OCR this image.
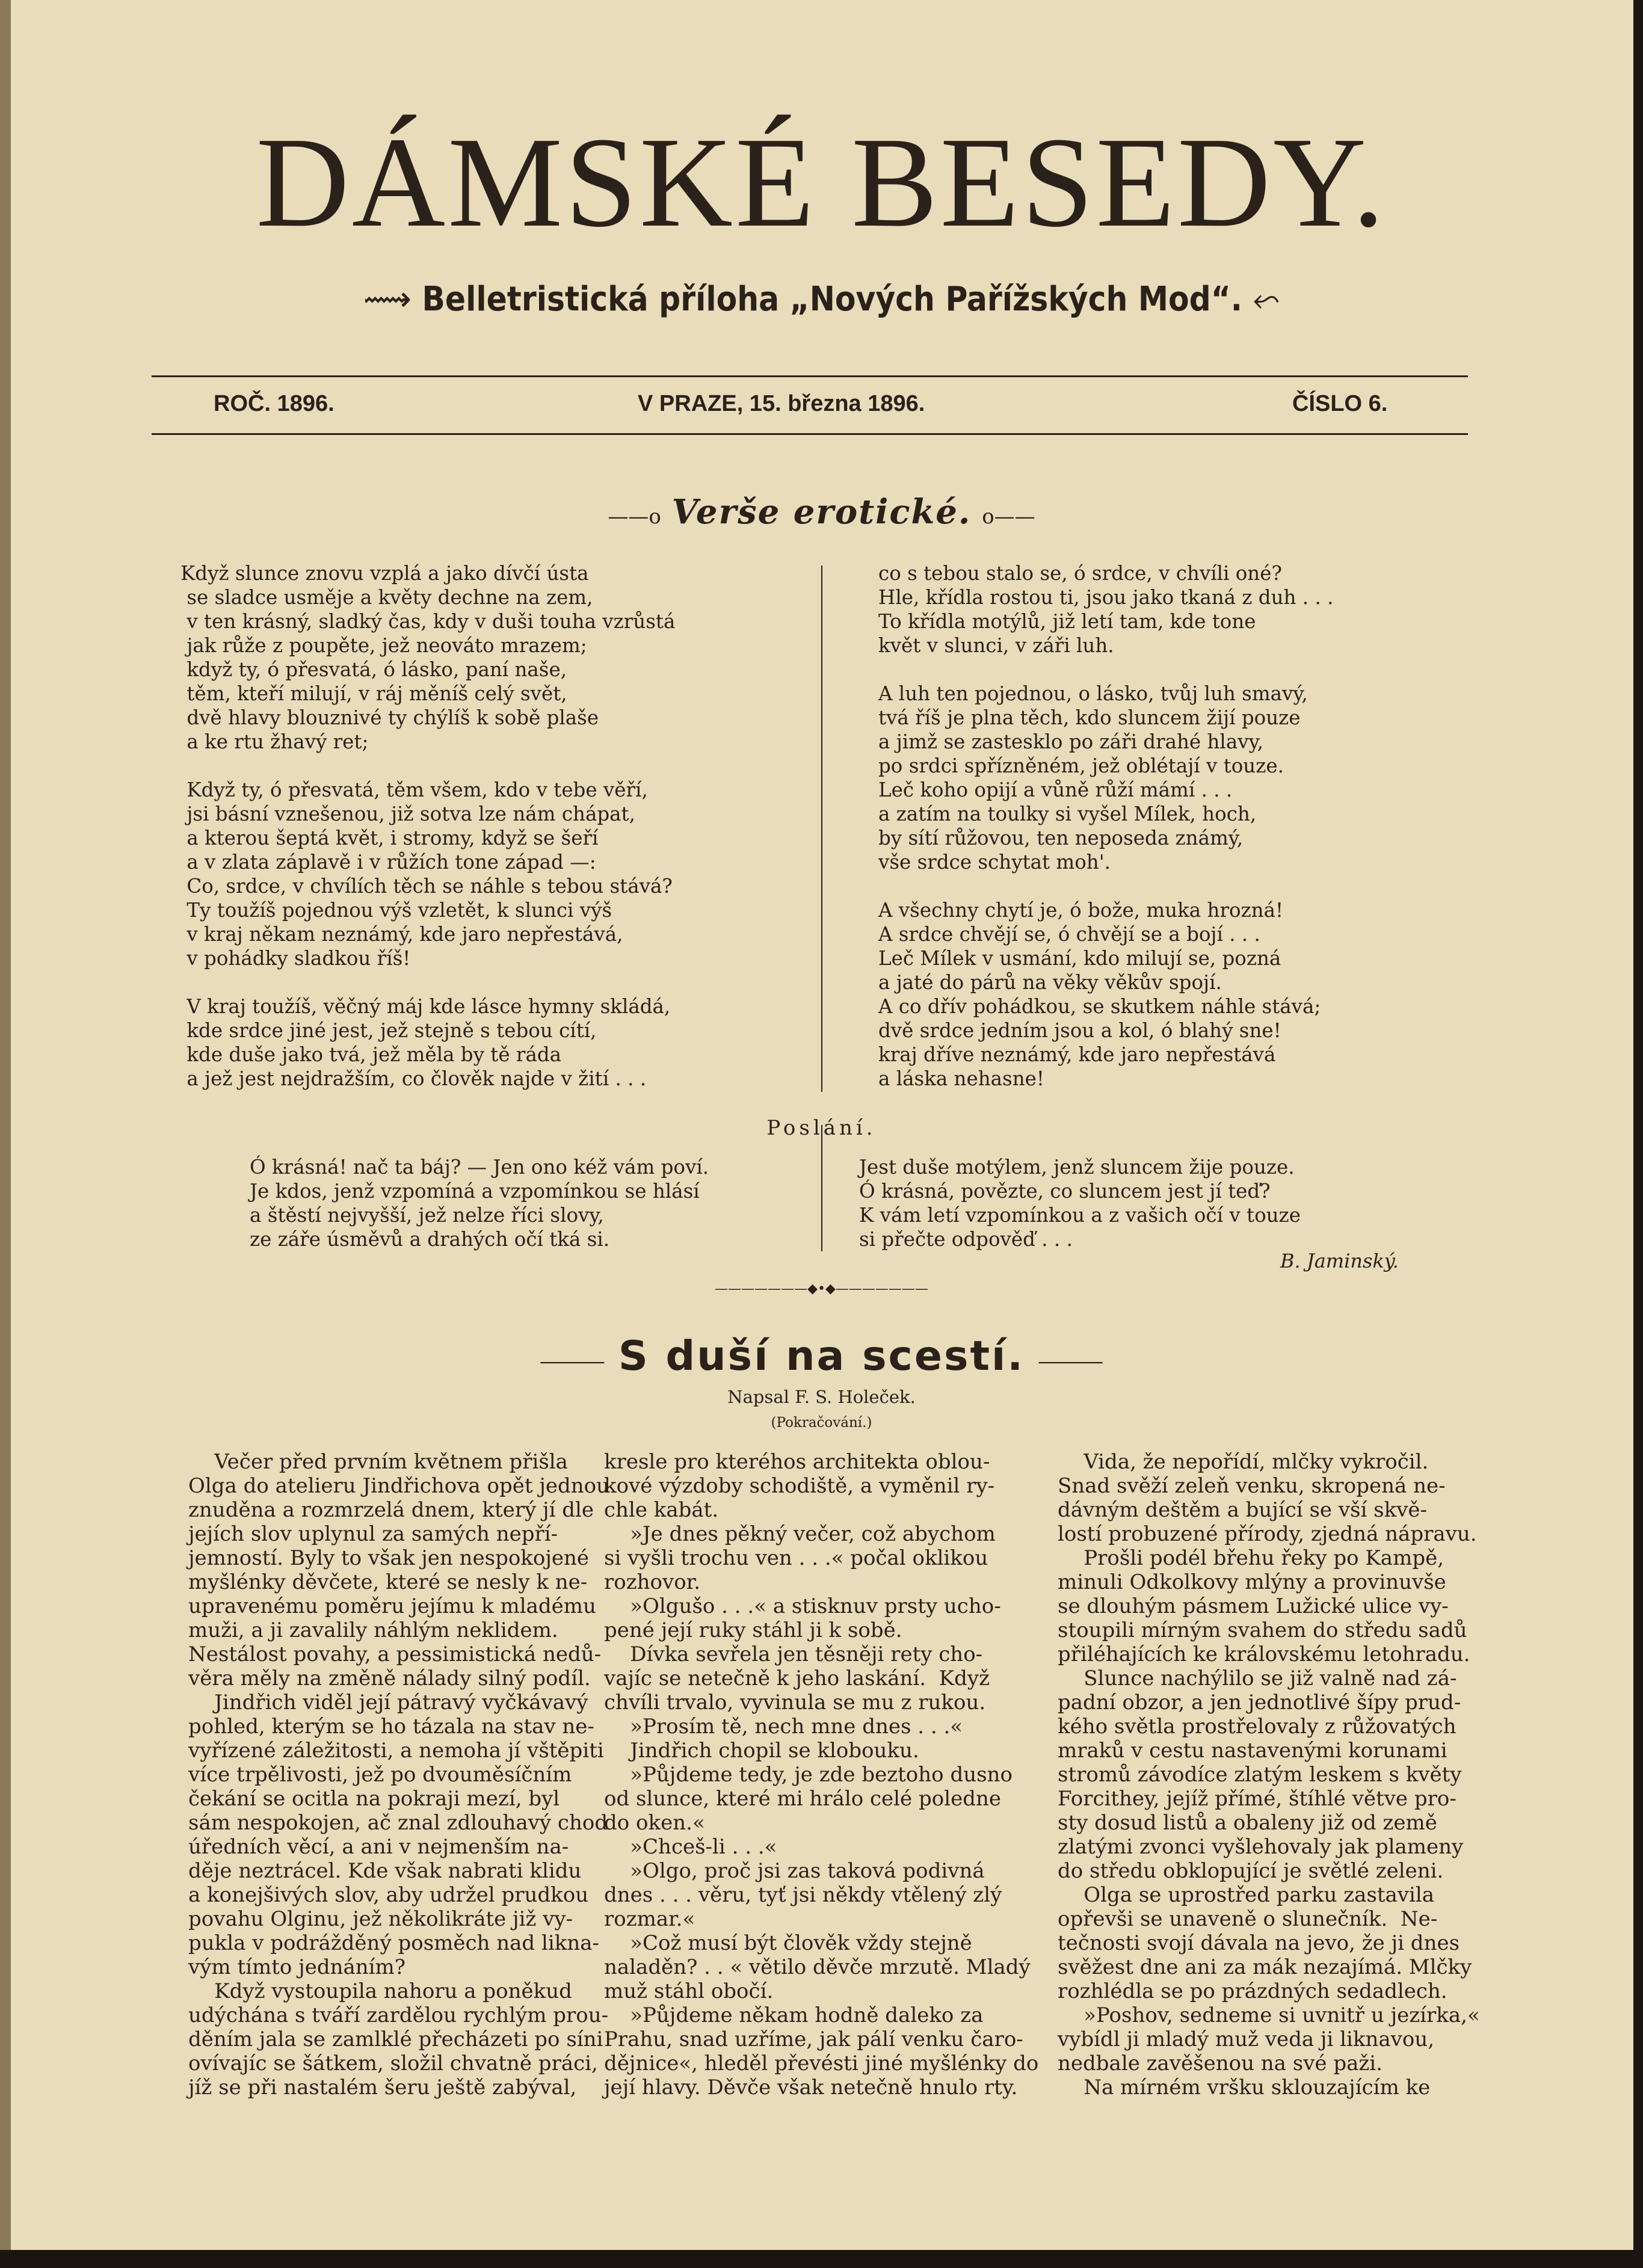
DÁMSKÉ BESEDY.
⟿ Belletristická příloha „Nových Pařížských Mod“. ⬿
ROČ. 1896.	V PRAZE, 15. března 1896.	ČÍSLO 6.
——o Verše erotické. o——
Když slunce znovu vzplá a jako dívčí ústa
se sladce usměje a květy dechne na zem,
v ten krásný, sladký čas, kdy v duši touha vzrůstá
jak růže z poupěte, jež neováto mrazem;
když ty, ó přesvatá, ó lásko, paní naše,
těm, kteří milují, v ráj měníš celý svět,
dvě hlavy blouznivé ty chýlíš k sobě plaše
a ke rtu žhavý ret;

Když ty, ó přesvatá, těm všem, kdo v tebe věří,
jsi básní vznešenou, již sotva lze nám chápat,
a kterou šeptá květ, i stromy, když se šeří
a v zlata záplavě i v růžích tone západ —:
Co, srdce, v chvílích těch se náhle s tebou stává?
Ty toužíš pojednou výš vzletět, k slunci výš
v kraj někam neznámý, kde jaro nepřestává,
v pohádky sladkou říš!

V kraj toužíš, věčný máj kde lásce hymny skládá,
kde srdce jiné jest, jež stejně s tebou cítí,
kde duše jako tvá, jež měla by tě ráda
a jež jest nejdražším, co člověk najde v žití . . .
co s tebou stalo se, ó srdce, v chvíli oné?
Hle, křídla rostou ti, jsou jako tkaná z duh . . .
To křídla motýlů, již letí tam, kde tone
květ v slunci, v záři luh.

A luh ten pojednou, o lásko, tvůj luh smavý,
tvá říš je plna těch, kdo sluncem žijí pouze
a jimž se zastesklo po záři drahé hlavy,
po srdci spřízněném, jež oblétají v touze.
Leč koho opijí a vůně růží mámí . . .
a zatím na toulky si vyšel Mílek, hoch,
by sítí růžovou, ten neposeda známý,
vše srdce schytat moh'.

A všechny chytí je, ó bože, muka hrozná!
A srdce chvějí se, ó chvějí se a bojí . . .
Leč Mílek v usmání, kdo milují se, pozná
a jaté do párů na věky věkův spojí.
A co dřív pohádkou, se skutkem náhle stává;
dvě srdce jedním jsou a kol, ó blahý sne!
kraj dříve neznámý, kde jaro nepřestává
a láska nehasne!
Poslání.
Ó krásná! nač ta báj? — Jen ono kéž vám poví.
Je kdos, jenž vzpomíná a vzpomínkou se hlásí
a štěstí nejvyšší, jež nelze říci slovy,
ze záře úsměvů a drahých očí tká si.
Jest duše motýlem, jenž sluncem žije pouze.
Ó krásná, povězte, co sluncem jest jí teď?
K vám letí vzpomínkou a z vašich očí v touze
si přečte odpověď . . .
B. Jaminský.
———————◆•◆———————
⸻ S duší na scestí. ⸻
Napsal F. S. Holeček.
(Pokračování.)
Večer před prvním květnem přišla
Olga do atelieru Jindřichova opět jednou
znuděna a rozmrzelá dnem, který jí dle
jejích slov uplynul za samých nepří-
jemností. Byly to však jen nespokojené
myšlénky děvčete, které se nesly k ne-
upravenému poměru jejímu k mladému
muži, a ji zavalily náhlým neklidem.
Nestálost povahy, a pessimistická nedů-
věra měly na změně nálady silný podíl.
Jindřich viděl její pátravý vyčkávavý
pohled, kterým se ho tázala na stav ne-
vyřízené záležitosti, a nemoha jí vštěpiti
více trpělivosti, jež po dvouměsíčním
čekání se ocitla na pokraji mezí, byl
sám nespokojen, ač znal zdlouhavý chod
úředních věcí, a ani v nejmenším na-
děje neztrácel. Kde však nabrati klidu
a konejšivých slov, aby udržel prudkou
povahu Olginu, jež několikráte již vy-
pukla v podrážděný posměch nad likna-
vým tímto jednáním?
Když vystoupila nahoru a poněkud
udýchána s tváří zardělou rychlým prou-
děním jala se zamlklé přecházeti po síni
ovívajíc se šátkem, složil chvatně práci,
jíž se při nastalém šeru ještě zabýval,
kresle pro kteréhos architekta oblou-
kové výzdoby schodiště, a vyměnil ry-
chle kabát.
»Je dnes pěkný večer, což abychom
si vyšli trochu ven . . .« počal oklikou
rozhovor.
»Olgušo . . .« a stisknuv prsty ucho-
pené její ruky stáhl ji k sobě.
Dívka sevřela jen těsněji rety cho-
vajíc se netečně k jeho laskání.  Když
chvíli trvalo, vyvinula se mu z rukou.
»Prosím tě, nech mne dnes . . .«
Jindřich chopil se klobouku.
»Půjdeme tedy, je zde beztoho dusno
od slunce, které mi hrálo celé poledne
do oken.«
»Chceš-li . . .«
»Olgo, proč jsi zas taková podivná
dnes . . . věru, tyť jsi někdy vtělený zlý
rozmar.«
»Což musí být člověk vždy stejně
naladěn? . . « větilo děvče mrzutě. Mladý
muž stáhl obočí.
»Půjdeme někam hodně daleko za
Prahu, snad uzříme, jak pálí venku čaro-
dějnice«, hleděl převésti jiné myšlénky do
její hlavy. Děvče však netečně hnulo rty.
Vida, že nepořídí, mlčky vykročil.
Snad svěží zeleň venku, skropená ne-
dávným deštěm a bující se vší skvě-
lostí probuzené přírody, zjedná nápravu.
Prošli podél břehu řeky po Kampě,
minuli Odkolkovy mlýny a provinuvše
se dlouhým pásmem Lužické ulice vy-
stoupili mírným svahem do středu sadů
přiléhajících ke královskému letohradu.
Slunce nachýlilo se již valně nad zá-
padní obzor, a jen jednotlivé šípy prud-
kého světla prostřelovaly z růžovatých
mraků v cestu nastavenými korunami
stromů závodíce zlatým leskem s květy
Forcithey, jejíž přímé, štíhlé větve pro-
sty dosud listů a obaleny již od země
zlatými zvonci vyšlehovaly jak plameny
do středu obklopující je světlé zeleni.
Olga se uprostřed parku zastavila
opřevši se unaveně o slunečník.  Ne-
tečnosti svojí dávala na jevo, že ji dnes
svěžest dne ani za mák nezajímá. Mlčky
rozhlédla se po prázdných sedadlech.
»Poshov, sedneme si uvnitř u jezírka,«
vybídl ji mladý muž veda ji liknavou,
nedbale zavěšenou na své paži.
Na mírném vršku sklouzajícím ke
